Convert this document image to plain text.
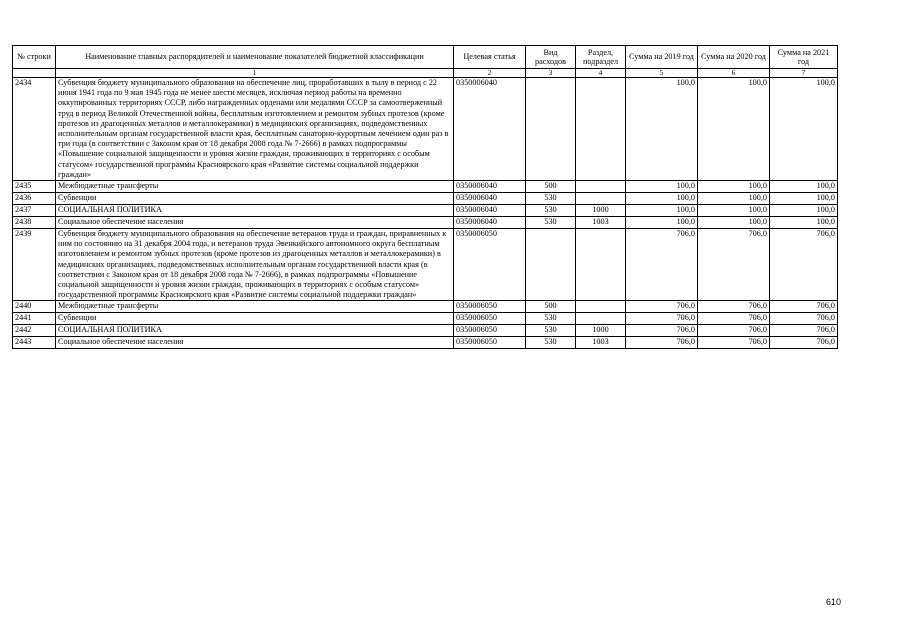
№ строки	Наименование главных распорядителей и наименование показателей бюджетной классификации	Целевая статья	Вид расходов	Раздел, подраздел	Сумма на 2019 год	Сумма на 2020 год	Сумма на 2021 год
	1	2	3	4	5	6	7
2434	Субвенция бюджету муниципального образования на обеспечение лиц, проработавших в тылу в период с 22 июня 1941 года по 9 мая 1945 года не менее шести месяцев, исключая период работы на временно оккупированных территориях СССР, либо награжденных орденами или медалями СССР за самоотверженный труд в период Великой Отечественной войны, бесплатным изготовлением и ремонтом зубных протезов (кроме протезов из драгоценных металлов и металлокерамики) в медицинских организациях, подведомственных исполнительным органам государственной власти края, бесплатным санаторно-курортным лечением один раз в три года (в соответствии с Законом края от 18 декабря 2008 года № 7-2666) в рамках подпрограммы «Повышение социальной защищенности и уровня жизни граждан, проживающих в территориях с особым статусом» государственной программы Красноярского края «Развитие системы социальной поддержки граждан»	0350006040			100,0	100,0	100,0
2435	Межбюджетные трансферты	0350006040	500		100,0	100,0	100,0
2436	Субвенции	0350006040	530		100,0	100,0	100,0
2437	СОЦИАЛЬНАЯ ПОЛИТИКА	0350006040	530	1000	100,0	100,0	100,0
2438	Социальное обеспечение населения	0350006040	530	1003	100,0	100,0	100,0
2439	Субвенция бюджету муниципального образования на обеспечение ветеранов труда и граждан, приравненных к ним по состоянию на 31 декабря 2004 года, и ветеранов труда Эвенкийского автономного округа бесплатным изготовлением и ремонтом зубных протезов (кроме протезов из драгоценных металлов и металлокерамики) в медицинских организациях, подведомственных исполнительным органам государственной власти края (в соответствии с Законом края от 18 декабря 2008 года № 7-2666), в рамках подпрограммы «Повышение социальной защищенности и уровня жизни граждан, проживающих в территориях с особым статусом» государственной программы Красноярского края «Развитие системы социальной поддержки граждан»	0350006050			706,0	706,0	706,0
2440	Межбюджетные трансферты	0350006050	500		706,0	706,0	706,0
2441	Субвенции	0350006050	530		706,0	706,0	706,0
2442	СОЦИАЛЬНАЯ ПОЛИТИКА	0350006050	530	1000	706,0	706,0	706,0
2443	Социальное обеспечение населения	0350006050	530	1003	706,0	706,0	706,0
610
